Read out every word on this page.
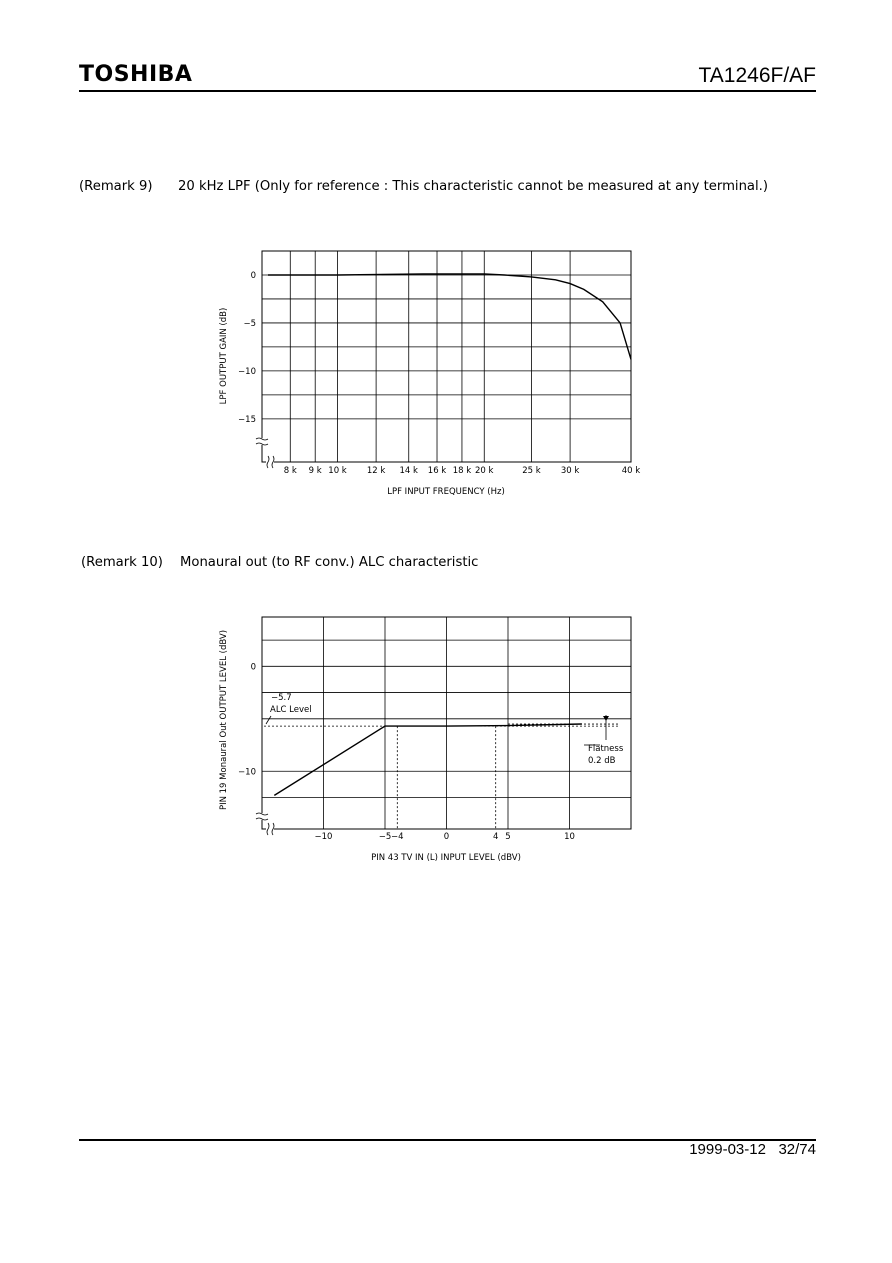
TOSHIBA	TA1246F/AF
(Remark 9) 20 kHz LPF (Only for reference : This characteristic cannot be measured at any terminal.)
(Remark 10) Monaural out (to RF conv.) ALC characteristic
0
−5
−10
−15
8 k 9 k 10 k 12 k 14 k 16 k 18 k 20 k	25 k 30 k	40 k
LPF INPUT FREQUENCY (Hz)
LPF OUTPUT GAIN (dB)
0
−10
−10	−5 −4	0	4 5	10
−5.7
ALC Level
Flatness
0.2 dB
PIN 43 TV IN (L) INPUT LEVEL (dBV)
PIN 19 Monaural Out OUTPUT LEVEL (dBV)
1999-03-12 32/74
